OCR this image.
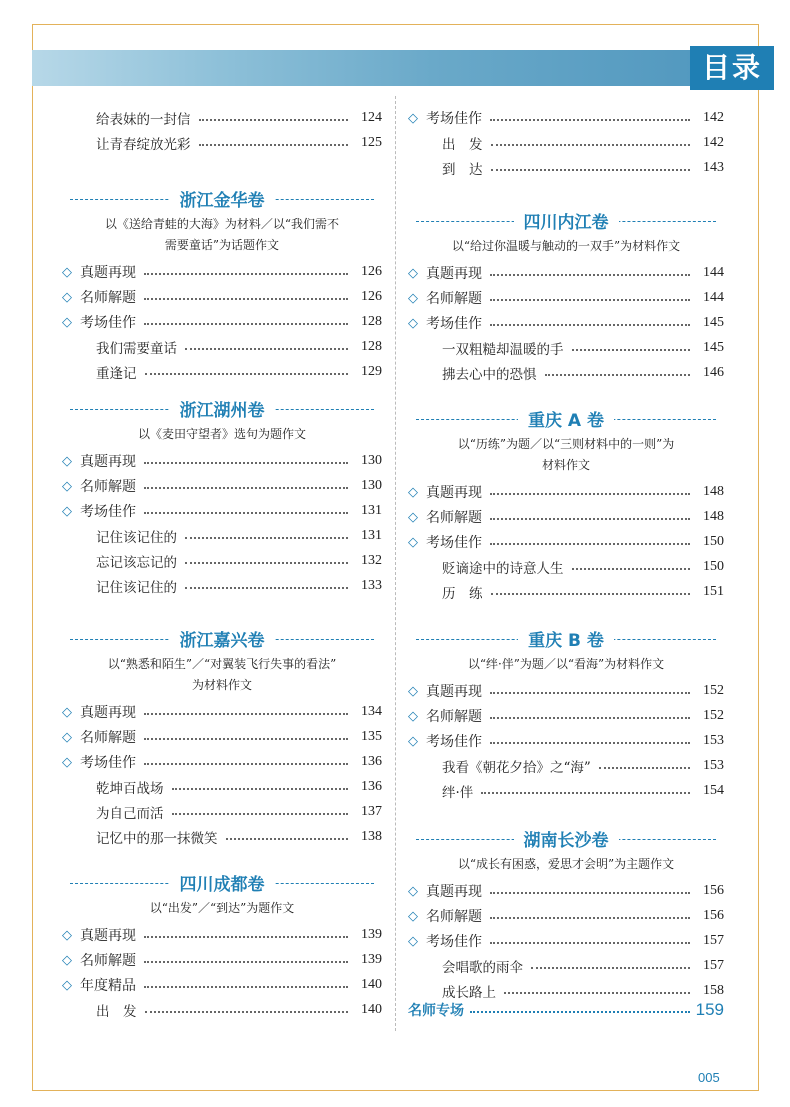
目录
给表妹的一封信	124
让青春绽放光彩	125
浙江金华卷
以《送给青蛙的大海》为材料／以“我们需不
需要童话”为话题作文
◇ 真题再现	126
◇ 名师解题	126
◇ 考场佳作	128
我们需要童话	128
重逢记	129
浙江湖州卷
以《麦田守望者》选句为题作文
◇ 真题再现	130
◇ 名师解题	130
◇ 考场佳作	131
记住该记住的	131
忘记该忘记的	132
记住该记住的	133
浙江嘉兴卷
以“熟悉和陌生”／“对翼装飞行失事的看法”
为材料作文
◇ 真题再现	134
◇ 名师解题	135
◇ 考场佳作	136
乾坤百战场	136
为自己而活	137
记忆中的那一抹微笑	138
四川成都卷
以“出发”／“到达”为题作文
◇ 真题再现	139
◇ 名师解题	139
◇ 年度精品	140
出　发	140
◇ 考场佳作	142
出　发	142
到　达	143
四川内江卷
以“给过你温暖与触动的一双手”为材料作文
◇ 真题再现	144
◇ 名师解题	144
◇ 考场佳作	145
一双粗糙却温暖的手	145
拂去心中的恐惧	146
重庆 A 卷
以“历练”为题／以“三则材料中的一则”为
材料作文
◇ 真题再现	148
◇ 名师解题	148
◇ 考场佳作	150
贬谪途中的诗意人生	150
历　练	151
重庆 B 卷
以“绊·伴”为题／以“看海”为材料作文
◇ 真题再现	152
◇ 名师解题	152
◇ 考场佳作	153
我看《朝花夕拾》之“海”	153
绊·伴	154
湖南长沙卷
以“成长有困惑，爱思才会明”为主题作文
◇ 真题再现	156
◇ 名师解题	156
◇ 考场佳作	157
会唱歌的雨伞	157
成长路上	158
名师专场	159
005
